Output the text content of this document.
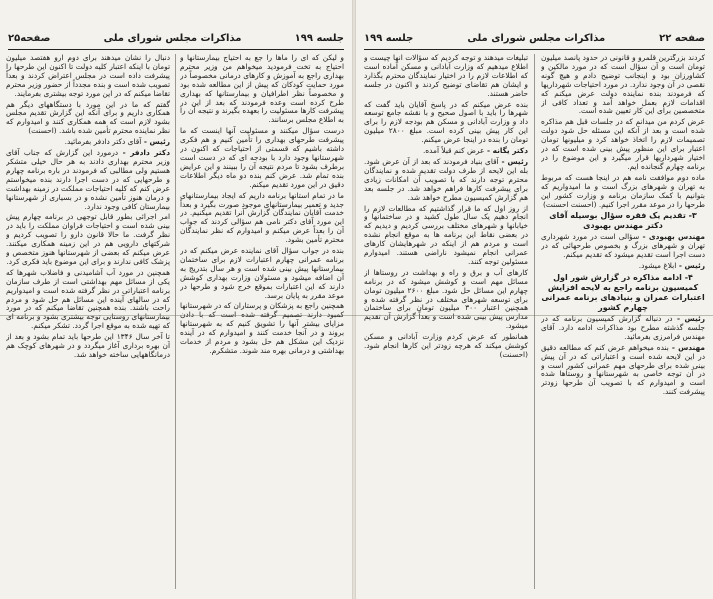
جلسه ۱۹۹
مذاکرات مجلس شورای ملی
صفحه۲۵

و لیکن که ای را ماها را جع به احتیاج بیمارستانها و احتیاج به تخت فرمودید میخواهم من وزیر محترم بهداری راجع به آموزش و کارهای درمانی مخصوصاً در مورد حمایت کودکان که پیش از این مطالعه شده بود و مخصوصاً نظر اطرافیان و بیمارستانها که بهداری طرح کرده است وعده فرمودند که بعد از این در پیشرفت کارها مسئولیت را بعهده بگیرند و نتیجه آن را به اطلاع مجلس برسانند.

درست سؤال میکنند و مسئولیت آنها اینست که ما پیشرفت طرحهای بهداری را تأمین کنیم و هم فکری داشته باشیم که قسمتی از احتیاجات که اکنون در شهرستانها وجود دارد با بودجه ای که در دست است برطرف بشود تا مردم نتیجه آن را ببینند و این عرایض بنده تمام شد. عرض کنم بنده دو ماه دیگر اطلاعات دقیق در این مورد تقدیم میکنم.

ما در تمام استانها برنامه داریم که ایجاد بیمارستانهای جدید و تعمیر بیمارستانهای موجود صورت بگیرد و بعداً خدمت آقایان نمایندگان گزارش آنرا تقدیم میکنیم. در این مورد آقای دکتر نامی هم سؤالی کردند که جواب آن را بعداً عرض میکنم و امیدوارم که نظر نمایندگان محترم تأمین بشود.

بنده در جواب سؤال آقای نماینده عرض میکنم که در برنامه عمرانی چهارم اعتبارات لازم برای ساختمان بیمارستانها پیش بینی شده است و هر سال بتدریج به آن اضافه میشود و مسئولان وزارت بهداری کوشش دارند که این اعتبارات بموقع خرج شود و طرحها در موعد مقرر به پایان برسد.

همچنین راجع به پزشکان و پرستاران که در شهرستانها کمبود دارند تصمیم گرفته شده است که با دادن مزایای بیشتر آنها را تشویق کنیم که به شهرستانها بروند و در آنجا خدمت کنند و امیدوارم که در آینده نزدیک این مشکل هم حل بشود و مردم از خدمات بهداشتی و درمانی بهره مند شوند. متشکرم.

دنبال را نشان میدهند برای دوم ارو هفتصد میلیون تومان با اینکه اعتبار کلیه دولت تا اکنون این طرحها را پیشرفت داده است در مجلس اعتراض کردند و بعداً تصویب شده است و بنده مجدداً از حضور وزیر محترم تقاضا میکنم که در این مورد توجه بیشتری بفرمایند.

گفتم که ما در این مورد با دستگاههای دیگر هم همکاری داریم و برای آنکه این گزارش تقدیم مجلس بشود لازم است که همه همکاری کنند و امیدوارم که نظر نماینده محترم تأمین شده باشد. (احسنت)

رئیس - آقای دکتر دادفر بفرمائید.

دکتر دادفر - درمورد این گزارش که جناب آقای وزیر محترم بهداری دادند به هر حال خیلی متشکر هستیم ولی مطالبی که فرمودند در باره برنامه چهارم و طرحهایی که در دست اجرا دارند بنده میخواستم عرض کنم که کلیه احتیاجات مملکت در زمینه بهداشت و درمان هنوز تأمین نشده و در بسیاری از شهرستانها بیمارستان کافی وجود ندارد.

امر اجرائی بطور قابل توجهی در برنامه چهارم پیش بینی شده است و احتیاجات فراوان مملکت را باید در نظر گرفت. ما حالا قانون دارو را تصویب کردیم و شرکتهای دارویی هم در این زمینه همکاری میکنند. عرض میکنم که بعضی از شهرستانها هنوز متخصص و پزشک کافی ندارند و برای این موضوع باید فکری کرد.

همچنین در مورد آب آشامیدنی و فاضلاب شهرها که یکی از مسائل مهم بهداشتی است از طرف سازمان برنامه اعتباراتی در نظر گرفته شده است و امیدواریم که در سالهای آینده این مسائل هم حل شود و مردم راحت باشند. بنده همچنین تقاضا میکنم که در مورد بیمارستانهای روستایی توجه بیشتری بشود و برنامه ای که تهیه شده به موقع اجرا گردد. تشکر میکنم.

تا آخر سال ۱۳۴۶ این طرحها باید تمام بشود و بعد از آن بهره برداری آغاز میگردد و در شهرهای کوچک هم درمانگاههایی ساخته خواهد شد.

صفحه ۲۲
مذاکرات مجلس شورای ملی
جلسه ۱۹۹

کردند بزرگترین قلمرو و قانونی در حدود پانصد میلیون تومان است و آن سؤال است که در مورد مالکین و کشاورزان بود و اینجانب توضیح دادم و هیچ گونه نقصی در آن وجود ندارد. در مورد احتیاجات شهرداریها که فرمودند بنده نماینده دولت عرض میکنم که اقدامات لازم بعمل خواهد آمد و تعداد کافی از متخصصین برای این کار تعیین شده است.

عرض کردم من میدانم که در جلسات قبل هم مذاکره شده است و بعد از آنکه این مسئله حل شود دولت تصمیمات لازم را اتخاذ خواهد کرد و میلیونها تومان اعتبار برای این منظور پیش بینی شده است که در اختیار شهرداریها قرار میگیرد و این موضوع را در برنامه چهارم گنجانده ایم.

ماده دوم موافقت نامه هم در اینجا هست که مربوط به تهران و شهرهای بزرگ است و ما امیدواریم که بتوانیم با کمک سازمان برنامه و وزارت کشور این طرحها را در موعد مقرر اجرا کنیم. (احسنت احسنت)

۳- تقدیم یک فقره سؤال بوسیله آقای دکتر مهندس بهبودی

مهندس بهبودی - سؤالی است در مورد شهرداری تهران و شهرهای بزرگ و بخصوص طرحهائی که در دست اجرا است تقدیم میشود که تقدیم میکنم.

رئیس - ابلاغ میشود.

۴- ادامه مذاکره در گزارش شور اول کمیسیون برنامه راجع به لایحه افزایش اعتبارات عمران و بنیادهای برنامه عمرانی چهارم کشور

رئیس - در دنباله گزارش کمیسیون برنامه که در جلسه گذشته مطرح بود مذاکرات ادامه دارد. آقای مهندس فرامرزی بفرمائید.

مهندس - بنده میخواهم عرض کنم که مطالعه دقیق در این لایحه شده است و اعتباراتی که در آن پیش بینی شده برای طرحهای مهم عمرانی کشور است و در آن توجه خاصی به شهرستانها و روستاها شده است و امیدوارم که با تصویب آن طرحها زودتر پیشرفت کنند.

تبلیغات میدهند و توجه کردیم که سؤالات آنها چیست و اطلاع میدهیم که وزارت آبادانی و مسکن آماده است که اطلاعات لازم را در اختیار نمایندگان محترم بگذارد و ایشان هم تقاضای توضیح کردند و اکنون در جلسه حاضر هستند.

بنده عرض میکنم که در پاسخ آقایان باید گفت که شهرها را باید با اصول صحیح و با نقشه جامع توسعه داد و وزارت آبادانی و مسکن هم بودجه لازم را برای این کار پیش بینی کرده است. مبلغ ۲۸۰۰ میلیون تومان را بنده در اینجا عرض میکنم.

دکتر یگانه - عرض کنم قبلاً آمده.

رئیس - آقای بنیاد فرمودند که بعد از آن عرض شود. بله این لایحه از طرف دولت تقدیم شده و نمایندگان محترم توجه دارند که با تصویب آن امکانات زیادی برای پیشرفت کارها فراهم خواهد شد. در جلسه بعد هم گزارش کمیسیون مطرح خواهد شد.

از روز اول که ما قرار گذاشتیم که مطالعات لازم را انجام دهیم یک سال طول کشید و در ساختمانها و خیابانها و شهرهای مختلف بررسی کردیم و دیدیم که در بعضی نقاط این برنامه ها به موقع انجام نشده است و مردم هم از اینکه در شهرهایشان کارهای عمرانی انجام نمیشود ناراضی هستند. امیدوارم مسئولین توجه کنند.

کارهای آب و برق و راه و بهداشت در روستاها از مسائل مهم است و کوشش میشود که در برنامه چهارم این مسائل حل شود. مبلغ ۲۶۰۰ میلیون تومان برای توسعه شهرهای مختلف در نظر گرفته شده و همچنین اعتبار ۳۰۰ میلیون تومان برای ساختمان مدارس پیش بینی شده است و بعداً گزارش آن تقدیم میشود.

همانطور که عرض کردم وزارت آبادانی و مسکن کوشش میکند که هرچه زودتر این کارها انجام شود. (احسنت)
